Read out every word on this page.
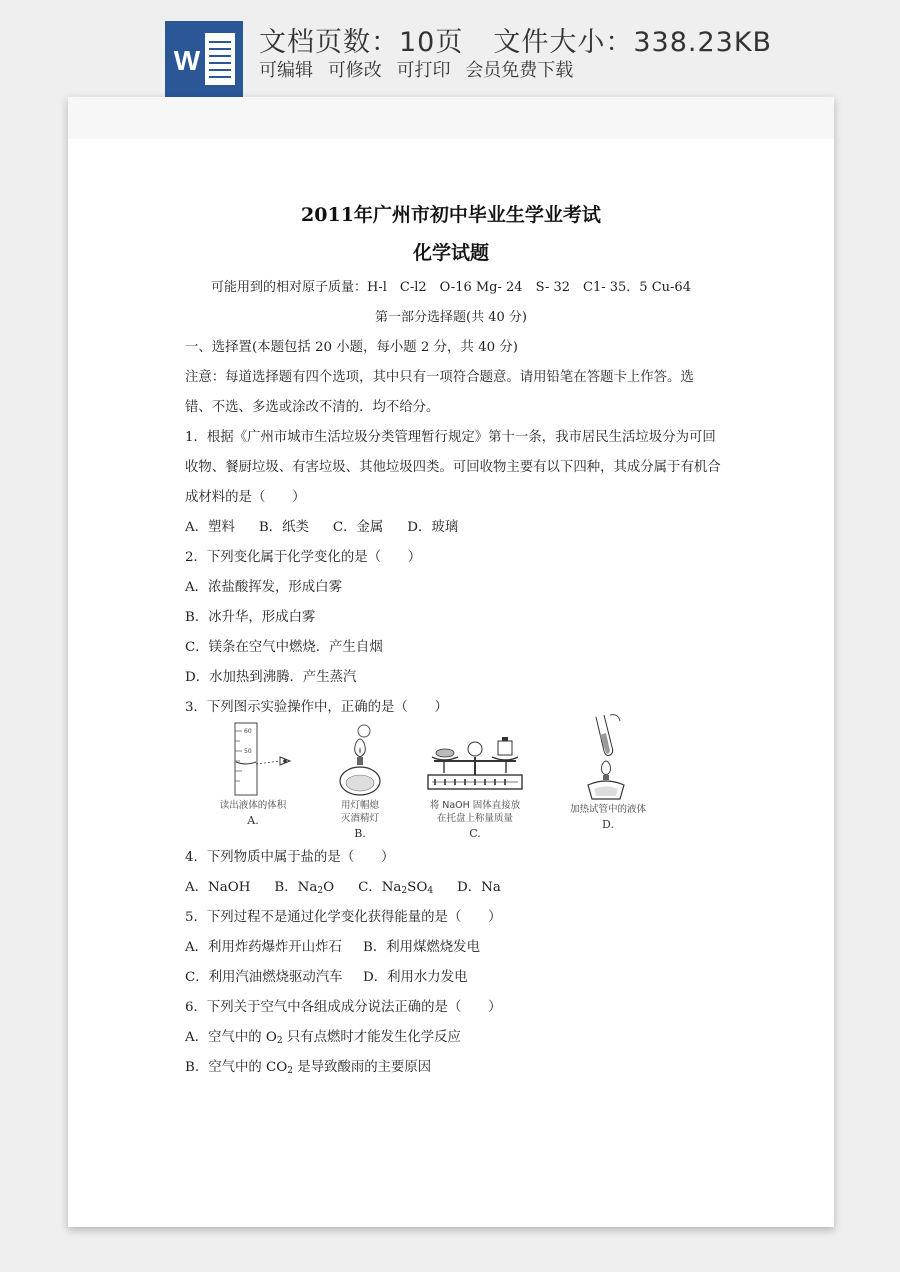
W
文档页数：10页 文件大小：338.23KB
可编辑 可修改 可打印 会员免费下载
2011年广州市初中毕业生学业考试
化学试题
可能用到的相对原子质量：H-l　C-l2　O-16 Mg- 24　S- 32　C1- 35．5 Cu-64
第一部分选择题(共 40 分)
一、选择置(本题包括 20 小题，每小题 2 分，共 40 分)
注意：每道选择题有四个选项，其中只有一项符合题意。请用铅笔在答题卡上作答。选
错、不选、多选或涂改不清的．均不给分。
1．根据《广州市城市生活垃圾分类管理暂行规定》第十一条，我市居民生活垃圾分为可回
收物、餐厨垃圾、有害垃圾、其他垃圾四类。可回收物主要有以下四种，其成分属于有机合
成材料的是（　　）
A．塑料 B．纸类 C．金属 D．玻璃
2．下列变化属于化学变化的是（　　）
A．浓盐酸挥发，形成白雾
B．冰升华，形成白雾
C．镁条在空气中燃烧．产生自烟
D．水加热到沸腾．产生蒸汽
3．下列图示实验操作中，正确的是（　　）
60
50
读出液体的体积
A.
用灯帽熄
灭酒精灯
B.
将 NaOH 固体直接放
在托盘上称量质量
C.
加热试管中的液体
D.
4．下列物质中属于盐的是（　　）
A．NaOH B．$Na_2O$ C．$Na_2SO_4$ D．Na
5．下列过程不是通过化学变化获得能量的是（　　）
A．利用炸药爆炸开山炸石 B．利用煤燃烧发电
C．利用汽油燃烧驱动汽车 D．利用水力发电
6．下列关于空气中各组成成分说法正确的是（　　）
A．空气中的 $O_2$ 只有点燃时才能发生化学反应
B．空气中的 $CO_2$ 是导致酸雨的主要原因
